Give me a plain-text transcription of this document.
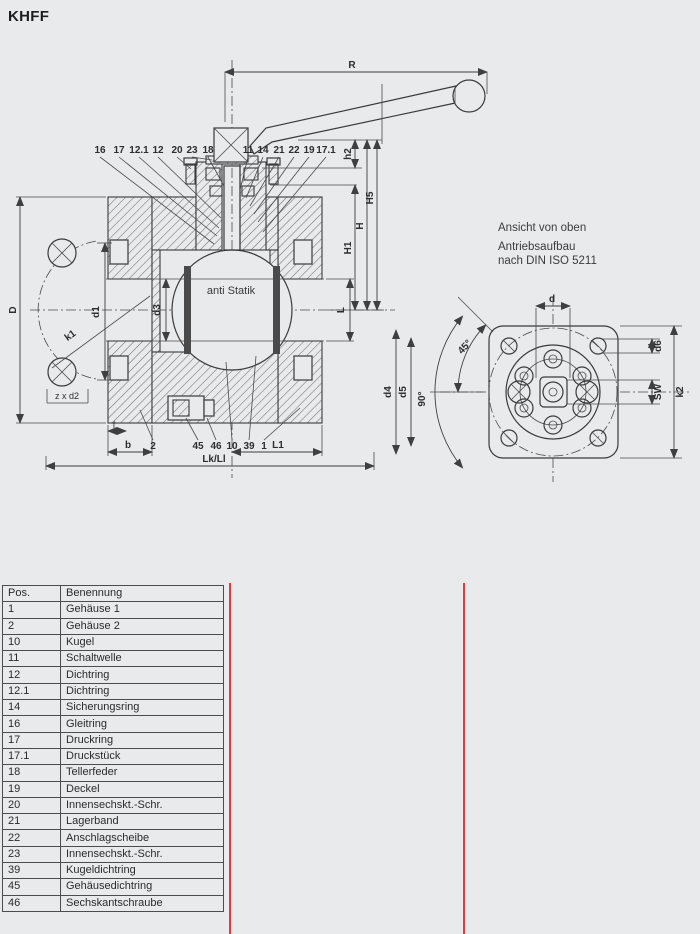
KHFF
anti Statik
R
h2
H5
H
H1
D
k1
z x d2
d1	d3	L
f
b	L1
Lk/Ll
16 17 12.1 12 20 23 18	11 14 21 22 19 17.1
2	45 46 10 39 1
Ansicht von oben
Antriebsaufbau
nach DIN ISO 5211
d
d6
SW k2
d4 d5
45°
90°
Pos.	Benennung
1	Gehäuse 1
2	Gehäuse 2
10	Kugel
11	Schaltwelle
12	Dichtring
12.1	Dichtring
14	Sicherungsring
16	Gleitring
17	Druckring
17.1	Druckstück
18	Tellerfeder
19	Deckel
20	Innensechskt.-Schr.
21	Lagerband
22	Anschlagscheibe
23	Innensechskt.-Schr.
39	Kugeldichtring
45	Gehäusedichtring
46	Sechskantschraube
